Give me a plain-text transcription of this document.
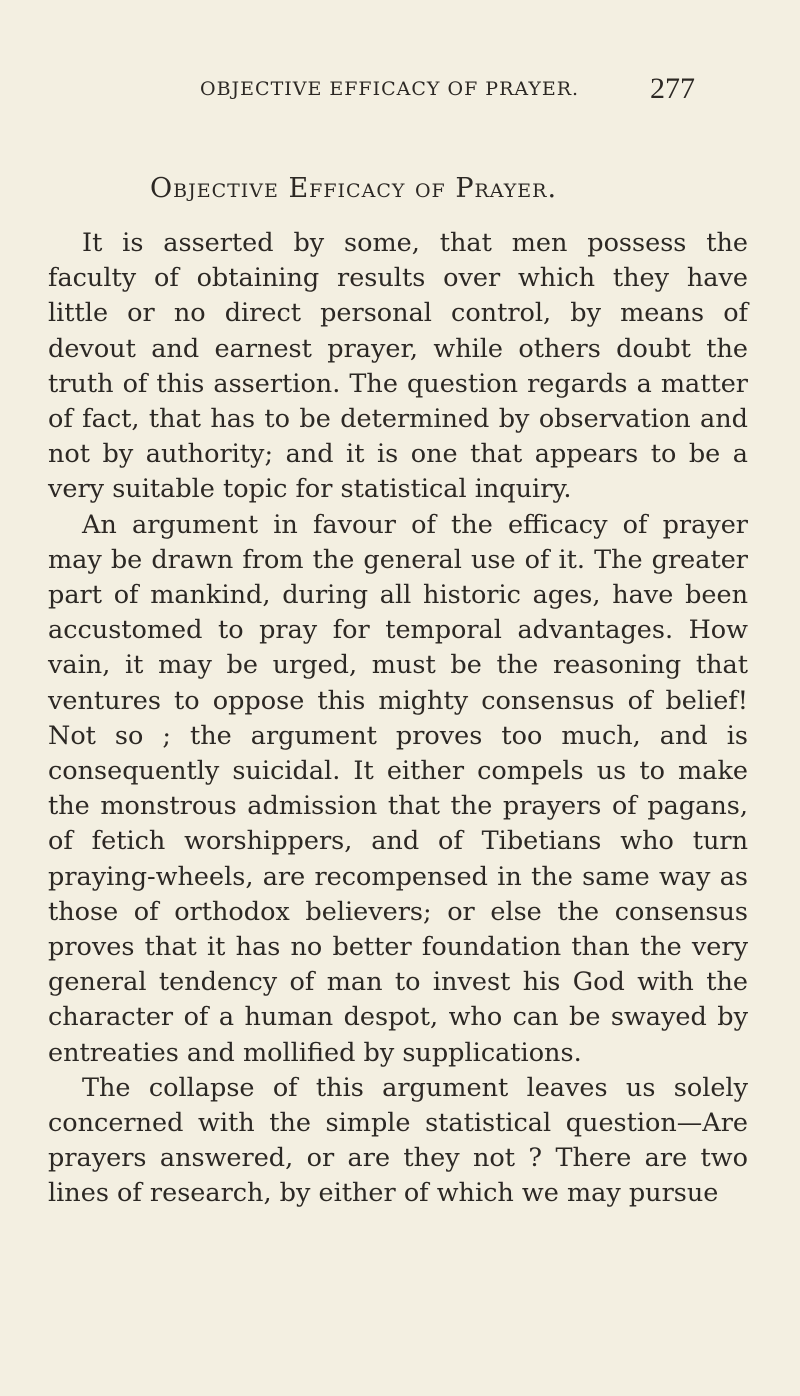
OBJECTIVE EFFICACY OF PRAYER.	277
Objective Efficacy of Prayer.

It is asserted by some, that men possess the faculty of obtaining results over which they have little or no direct personal control, by means of devout and earnest prayer, while others doubt the truth of this assertion. The question regards a matter of fact, that has to be determined by observation and not by authority; and it is one that appears to be a very suitable topic for statistical inquiry.

An argument in favour of the efficacy of prayer may be drawn from the general use of it. The greater part of mankind, during all historic ages, have been accustomed to pray for temporal advantages. How vain, it may be urged, must be the reasoning that ventures to oppose this mighty consensus of belief! Not so ; the argument proves too much, and is consequently suicidal. It either compels us to make the monstrous admission that the prayers of pagans, of fetich worshippers, and of Tibetians who turn praying-wheels, are recompensed in the same way as those of orthodox believers; or else the consensus proves that it has no better foundation than the very general tendency of man to invest his God with the character of a human despot, who can be swayed by entreaties and mollified by supplications.

The collapse of this argument leaves us solely concerned with the simple statistical question—Are prayers answered, or are they not ? There are two lines of research, by either of which we may pursue
